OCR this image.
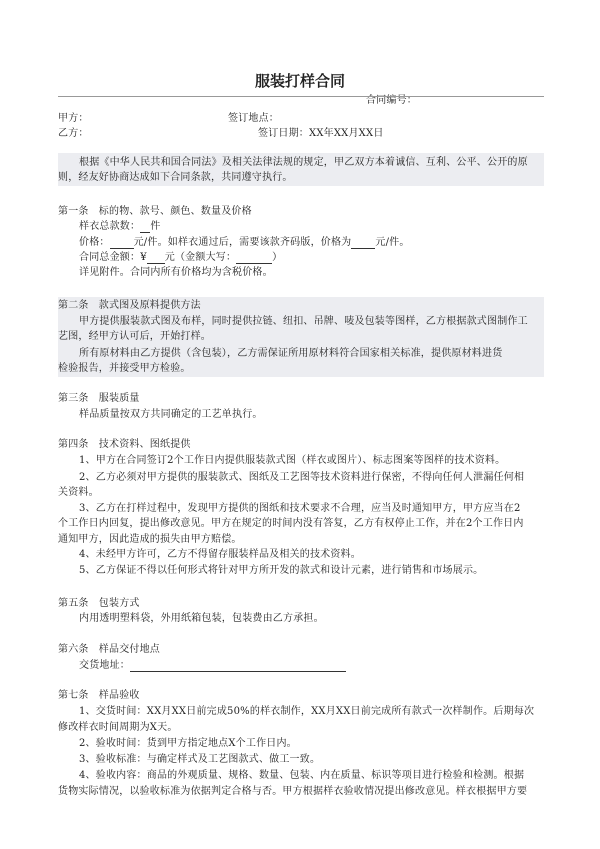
服装打样合同
合同编号：
甲方：	签订地点：
乙方：	签订日期：XX年XX月XX日
根据《中华人民共和国合同法》及相关法律法规的规定，甲乙双方本着诚信、互利、公平、公开的原
则，经友好协商达成如下合同条款，共同遵守执行。
第一条　标的物、款号、颜色、数量及价格
样衣总款数： 件
价格： 元/件。如样衣通过后，需要该款齐码版，价格为 元/件。
合同总金额：¥ 元（金额大写：	）
详见附件。合同内所有价格均为含税价格。
第二条　款式图及原料提供方法
甲方提供服装款式图及布样，同时提供拉链、纽扣、吊牌、唛及包装等图样，乙方根据款式图制作工
艺图，经甲方认可后，开始打样。
所有原材料由乙方提供（含包装），乙方需保证所用原材料符合国家相关标准，提供原材料进货
检验报告，并接受甲方检验。
第三条　服装质量
样品质量按双方共同确定的工艺单执行。
第四条　技术资料、图纸提供
1、甲方在合同签订2个工作日内提供服装款式图（样衣或图片）、标志图案等图样的技术资料。
2、乙方必须对甲方提供的服装款式、图纸及工艺图等技术资料进行保密，不得向任何人泄漏任何相
关资料。
3、乙方在打样过程中，发现甲方提供的图纸和技术要求不合理，应当及时通知甲方，甲方应当在2
个工作日内回复，提出修改意见。甲方在规定的时间内没有答复，乙方有权停止工作，并在2个工作日内
通知甲方，因此造成的损失由甲方赔偿。
4、未经甲方许可，乙方不得留存服装样品及相关的技术资料。
5、乙方保证不得以任何形式将针对甲方所开发的款式和设计元素，进行销售和市场展示。
第五条　包装方式
内用透明塑料袋，外用纸箱包装，包装费由乙方承担。
第六条　样品交付地点
交货地址：
第七条　样品验收
1、交货时间：XX月XX日前完成50%的样衣制作，XX月XX日前完成所有款式一次样制作。后期每次
修改样衣时间周期为X天。
2、验收时间：货到甲方指定地点X个工作日内。
3、验收标准：与确定样式及工艺图款式、做工一致。
4、验收内容：商品的外观质量、规格、数量、包装、内在质量、标识等项目进行检验和检测。根据
货物实际情况，以验收标准为依据判定合格与否。甲方根据样衣验收情况提出修改意见。样衣根据甲方要
